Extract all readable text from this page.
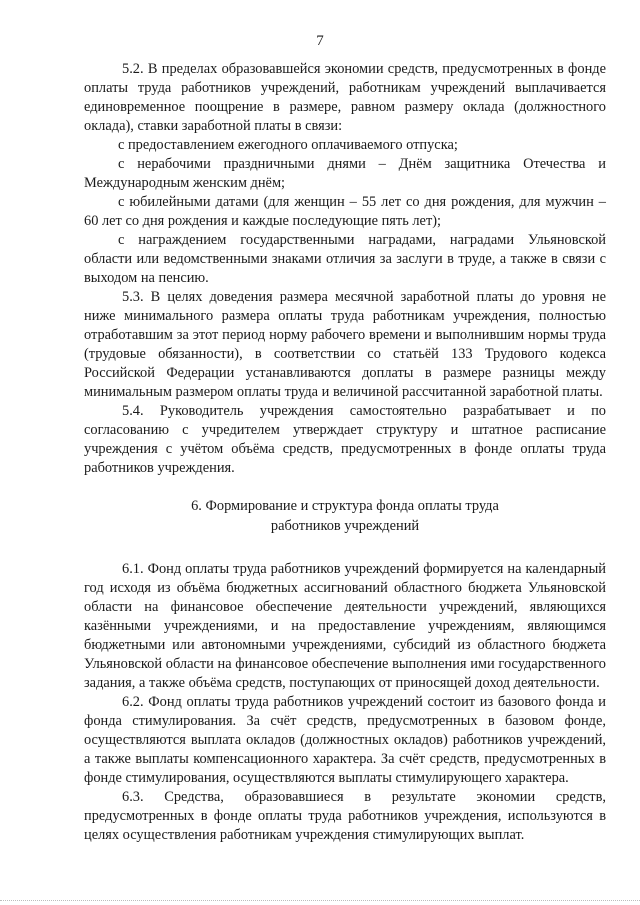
7

5.2. В пределах образовавшейся экономии средств, предусмотренных в фонде оплаты труда работников учреждений, работникам учреждений выплачивается единовременное поощрение в размере, равном размеру оклада (должностного оклада), ставки заработной платы в связи:

с предоставлением ежегодного оплачиваемого отпуска;

с нерабочими праздничными днями – Днём защитника Отечества и Международным женским днём;

с юбилейными датами (для женщин – 55 лет со дня рождения, для мужчин – 60 лет со дня рождения и каждые последующие пять лет);

с награждением государственными наградами, наградами Ульяновской области или ведомственными знаками отличия за заслуги в труде, а также в связи с выходом на пенсию.

5.3. В целях доведения размера месячной заработной платы до уровня не ниже минимального размера оплаты труда работникам учреждения, полностью отработавшим за этот период норму рабочего времени и выполнившим нормы труда (трудовые обязанности), в соответствии со статьёй 133 Трудового кодекса Российской Федерации устанавливаются доплаты в размере разницы между минимальным размером оплаты труда и величиной рассчитанной заработной платы.

5.4. Руководитель учреждения самостоятельно разрабатывает и по согласованию с учредителем утверждает структуру и штатное расписание учреждения с учётом объёма средств, предусмотренных в фонде оплаты труда работников учреждения.

6. Формирование и структура фонда оплаты труда
работников учреждений

6.1. Фонд оплаты труда работников учреждений формируется на календарный год исходя из объёма бюджетных ассигнований областного бюджета Ульяновской области на финансовое обеспечение деятельности учреждений, являющихся казёнными учреждениями, и на предоставление учреждениям, являющимся бюджетными или автономными учреждениями, субсидий из областного бюджета Ульяновской области на финансовое обеспечение выполнения ими государственного задания, а также объёма средств, поступающих от приносящей доход деятельности.

6.2. Фонд оплаты труда работников учреждений состоит из базового фонда и фонда стимулирования. За счёт средств, предусмотренных в базовом фонде, осуществляются выплата окладов (должностных окладов) работников учреждений, а также выплаты компенсационного характера. За счёт средств, предусмотренных в фонде стимулирования, осуществляются выплаты стимулирующего характера.

6.3. Средства, образовавшиеся в результате экономии средств, предусмотренных в фонде оплаты труда работников учреждения, используются в целях осуществления работникам учреждения стимулирующих выплат.
